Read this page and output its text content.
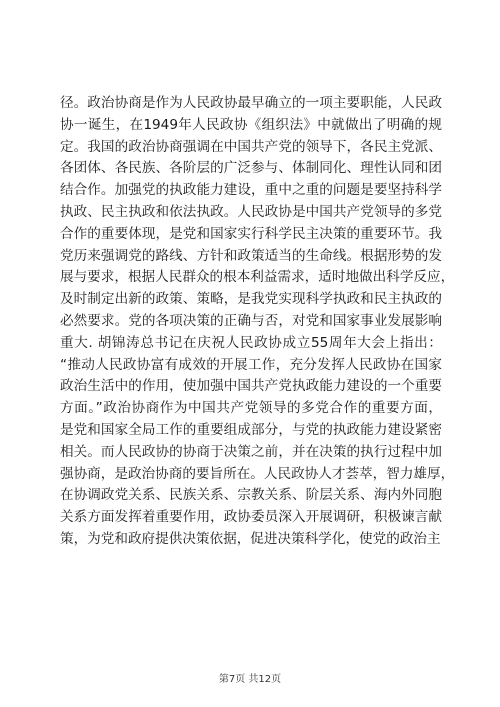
径。政治协商是作为人民政协最早确立的一项主要职能，人民政
协一诞生，在1949年人民政协《组织法》中就做出了明确的规
定。我国的政治协商强调在中国共产党的领导下，各民主党派、
各团体、各民族、各阶层的广泛参与、体制同化、理性认同和团
结合作。加强党的执政能力建设，重中之重的问题是要坚持科学
执政、民主执政和依法执政。人民政协是中国共产党领导的多党
合作的重要体现，是党和国家实行科学民主决策的重要环节。我
党历来强调党的路线、方针和政策适当的生命线。根据形势的发
展与要求，根据人民群众的根本利益需求，适时地做出科学反应，
及时制定出新的政策、策略，是我党实现科学执政和民主执政的
必然要求。党的各项决策的正确与否，对党和国家事业发展影响
重大. 胡锦涛总书记在庆祝人民政协成立55周年大会上指出：
“推动人民政协富有成效的开展工作，充分发挥人民政协在国家
政治生活中的作用，使加强中国共产党执政能力建设的一个重要
方面。”政治协商作为中国共产党领导的多党合作的重要方面，
是党和国家全局工作的重要组成部分，与党的执政能力建设紧密
相关。而人民政协的协商于决策之前，并在决策的执行过程中加
强协商，是政治协商的要旨所在。人民政协人才荟萃，智力雄厚，
在协调政党关系、民族关系、宗教关系、阶层关系、海内外同胞
关系方面发挥着重要作用，政协委员深入开展调研，积极谏言献
策，为党和政府提供决策依据，促进决策科学化，使党的政治主
第7页 共12页
